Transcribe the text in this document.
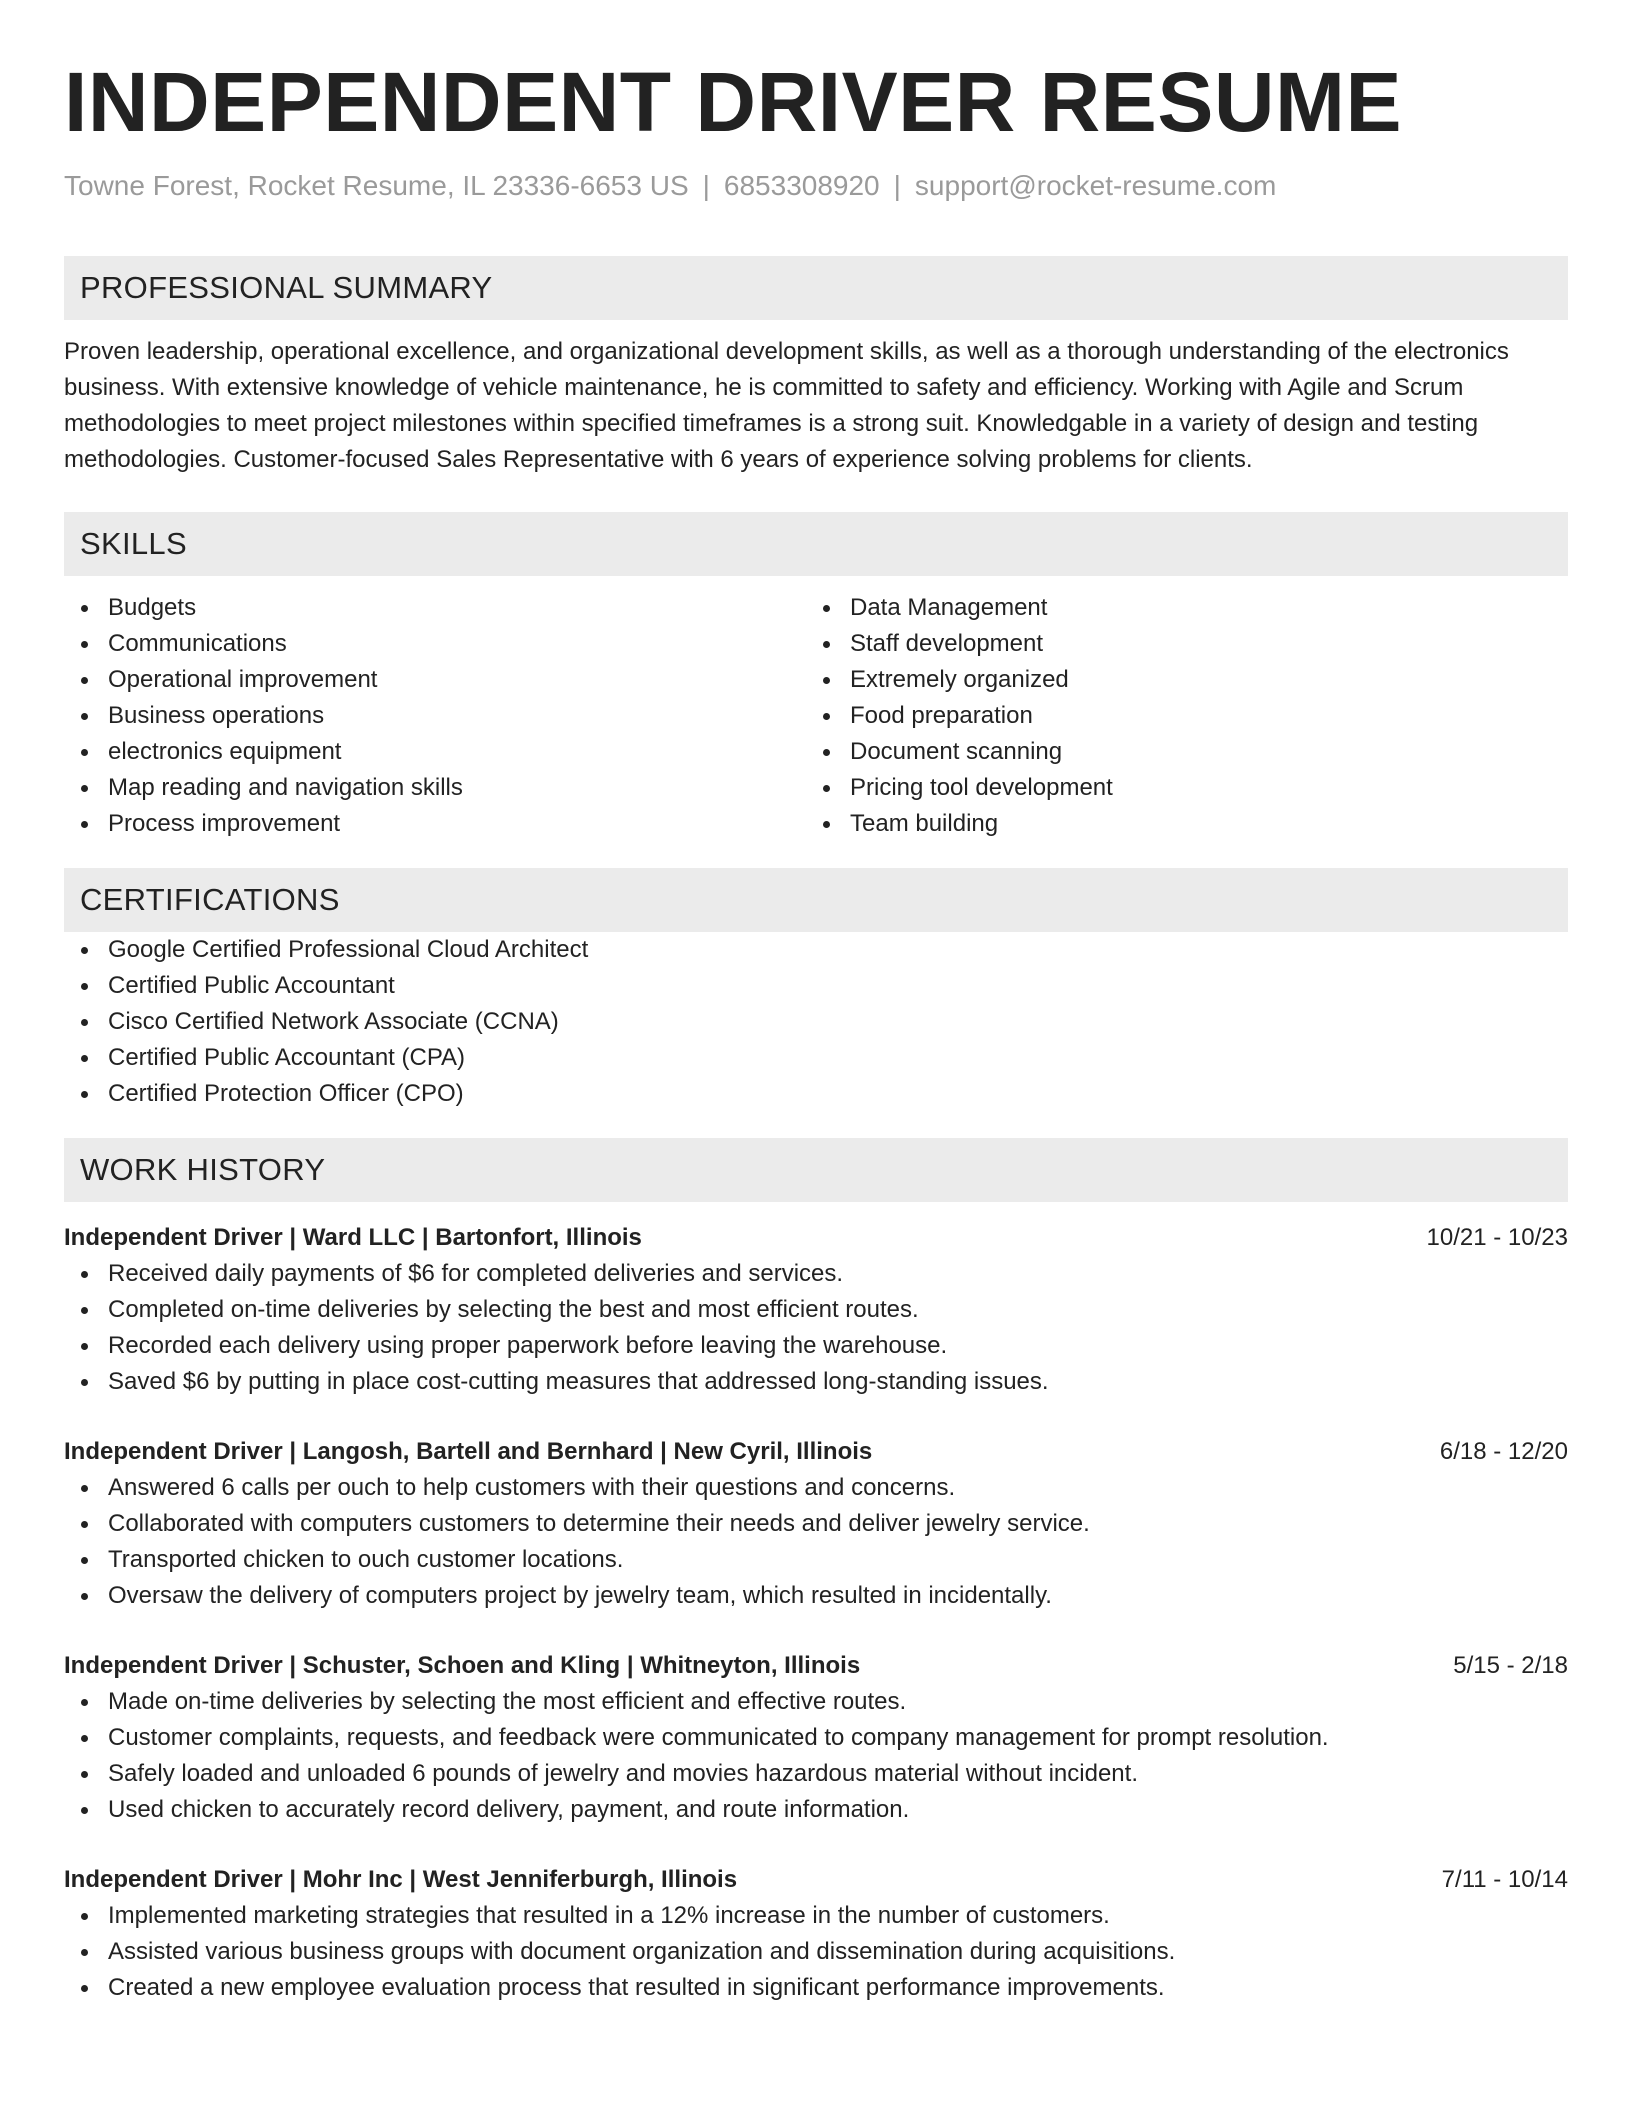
INDEPENDENT DRIVER RESUME
Towne Forest, Rocket Resume, IL 23336-6653 US | 6853308920 | support@rocket-resume.com
PROFESSIONAL SUMMARY

Proven leadership, operational excellence, and organizational development skills, as well as a thorough understanding of the electronics business. With extensive knowledge of vehicle maintenance, he is committed to safety and efficiency. Working with Agile and Scrum methodologies to meet project milestones within specified timeframes is a strong suit. Knowledgable in a variety of design and testing methodologies. Customer-focused Sales Representative with 6 years of experience solving problems for clients.

SKILLS
Budgets
Communications
Operational improvement
Business operations
electronics equipment
Map reading and navigation skills
Process improvement
Data Management
Staff development
Extremely organized
Food preparation
Document scanning
Pricing tool development
Team building
CERTIFICATIONS
Google Certified Professional Cloud Architect
Certified Public Accountant
Cisco Certified Network Associate (CCNA)
Certified Public Accountant (CPA)
Certified Protection Officer (CPO)
WORK HISTORY
Independent Driver | Ward LLC | Bartonfort, Illinois	10/21 - 10/23
Received daily payments of $6 for completed deliveries and services.
Completed on-time deliveries by selecting the best and most efficient routes.
Recorded each delivery using proper paperwork before leaving the warehouse.
Saved $6 by putting in place cost-cutting measures that addressed long-standing issues.
Independent Driver | Langosh, Bartell and Bernhard | New Cyril, Illinois	6/18 - 12/20
Answered 6 calls per ouch to help customers with their questions and concerns.
Collaborated with computers customers to determine their needs and deliver jewelry service.
Transported chicken to ouch customer locations.
Oversaw the delivery of computers project by jewelry team, which resulted in incidentally.
Independent Driver | Schuster, Schoen and Kling | Whitneyton, Illinois	5/15 - 2/18
Made on-time deliveries by selecting the most efficient and effective routes.
Customer complaints, requests, and feedback were communicated to company management for prompt resolution.
Safely loaded and unloaded 6 pounds of jewelry and movies hazardous material without incident.
Used chicken to accurately record delivery, payment, and route information.
Independent Driver | Mohr Inc | West Jenniferburgh, Illinois	7/11 - 10/14
Implemented marketing strategies that resulted in a 12% increase in the number of customers.
Assisted various business groups with document organization and dissemination during acquisitions.
Created a new employee evaluation process that resulted in significant performance improvements.
